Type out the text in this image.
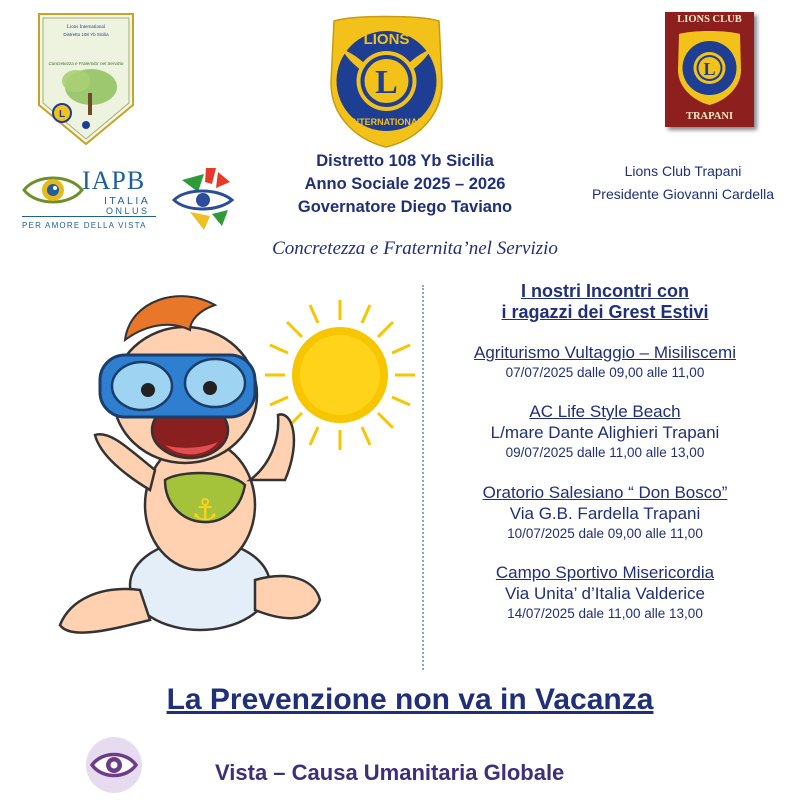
L
Lions International
Distretto 108 Yb Sicilia
Concretezza e Fraternita' nel Servizio
L
LIONS
INTERNATIONAL
LIONS CLUB
L
TRAPANI
IAPB
ITALIA
ONLUS
PER AMORE DELLA VISTA
Distretto 108 Yb Sicilia
Anno Sociale 2025 – 2026
Governatore Diego Taviano
Lions Club Trapani
Presidente Giovanni Cardella
Concretezza e Fraternita’nel Servizio
⚓
I nostri Incontri con
i ragazzi dei Grest Estivi
Agriturismo Vultaggio – Misiliscemi
07/07/2025 dalle 09,00 alle 11,00
AC Life Style Beach
L/mare Dante Alighieri Trapani
09/07/2025 dalle 11,00 alle 13,00
Oratorio Salesiano “ Don Bosco”
Via G.B. Fardella Trapani
10/07/2025 dale 09,00 alle 11,00
Campo Sportivo Misericordia
Via Unita’ d’Italia Valderice
14/07/2025 dale 11,00 alle 13,00
La Prevenzione non va in Vacanza
Vista – Causa Umanitaria Globale
